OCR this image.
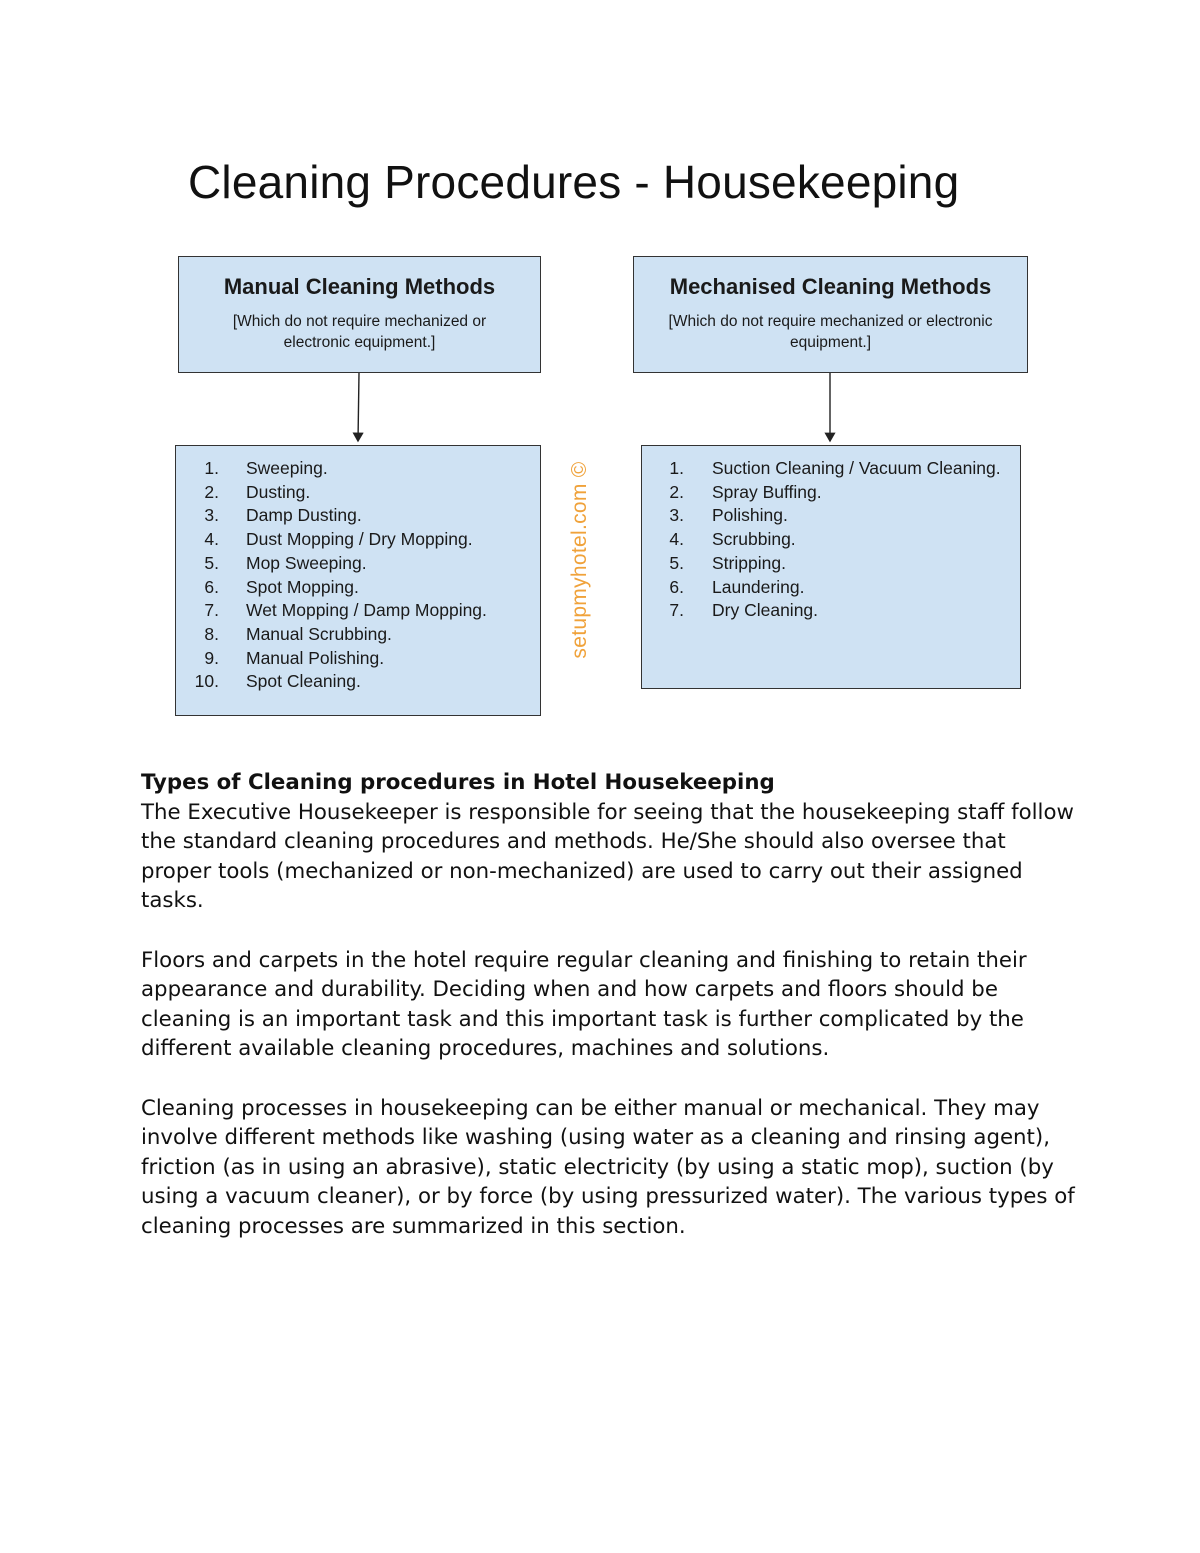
Cleaning Procedures - Housekeeping
Manual Cleaning Methods
[Which do not require mechanized or electronic equipment.]
Mechanised Cleaning Methods
[Which do not require mechanized or electronic equipment.]
1. Sweeping.
2. Dusting.
3. Damp Dusting.
4. Dust Mopping / Dry Mopping.
5. Mop Sweeping.
6. Spot Mopping.
7. Wet Mopping / Damp Mopping.
8. Manual Scrubbing.
9. Manual Polishing.
10. Spot Cleaning.
setupmyhotel.com ©	1. Suction Cleaning / Vacuum Cleaning.
2. Spray Buffing.
3. Polishing.
4. Scrubbing.
5. Stripping.
6. Laundering.
7. Dry Cleaning.
Types of Cleaning procedures in Hotel Housekeeping

The Executive Housekeeper is responsible for seeing that the housekeeping staff follow the standard cleaning procedures and methods. He/She should also oversee that proper tools (mechanized or non-mechanized) are used to carry out their assigned tasks.

Floors and carpets in the hotel require regular cleaning and finishing to retain their appearance and durability. Deciding when and how carpets and floors should be cleaning is an important task and this important task is further complicated by the different available cleaning procedures, machines and solutions.

Cleaning processes in housekeeping can be either manual or mechanical. They may involve different methods like washing (using water as a cleaning and rinsing agent), friction (as in using an abrasive), static electricity (by using a static mop), suction (by using a vacuum cleaner), or by force (by using pressurized water). The various types of cleaning processes are summarized in this section.
